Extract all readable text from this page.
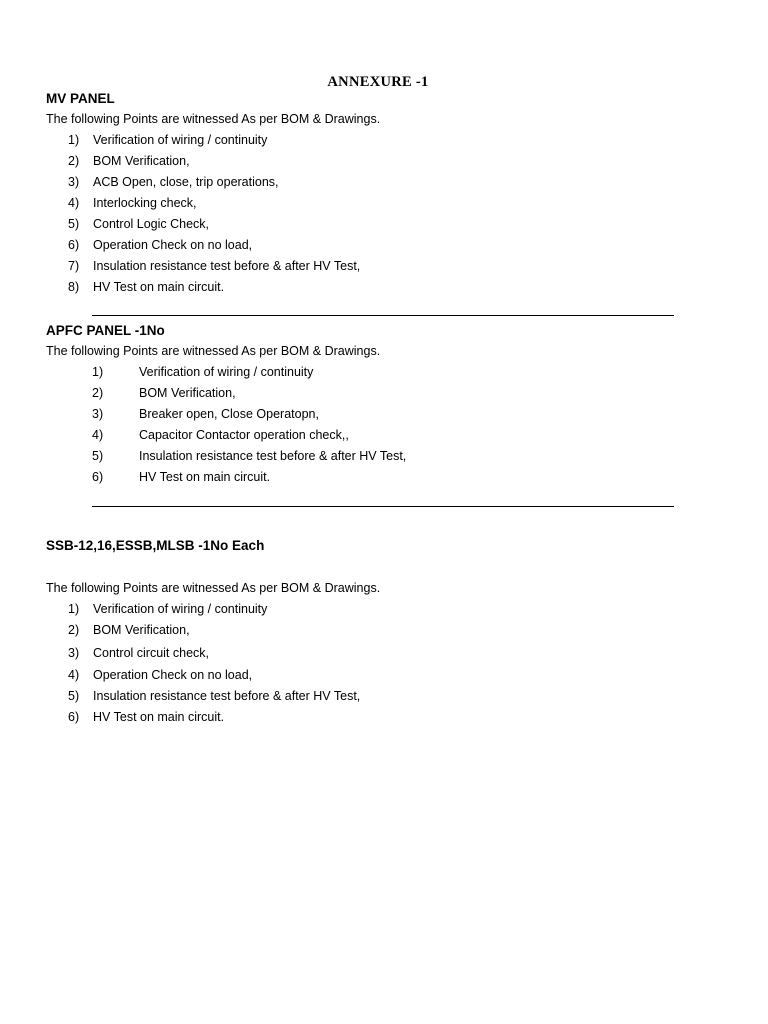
ANNEXURE -1
MV PANEL

The following Points are witnessed As per BOM & Drawings.

1)	Verification of wiring / continuity
2)	BOM Verification,
3)	ACB Open, close, trip operations,
4)	Interlocking check,
5)	Control Logic Check,
6)	Operation Check on no load,
7)	Insulation resistance test before & after HV Test,
8)	HV Test on main circuit.
APFC PANEL -1No

The following Points are witnessed As per BOM & Drawings.

1)	Verification of wiring / continuity
2)	BOM Verification,
3)	Breaker open, Close Operatopn,
4)	Capacitor Contactor operation check,,
5)	Insulation resistance test before & after HV Test,
6)	HV Test on main circuit.
SSB-12,16,ESSB,MLSB -1No Each

The following Points are witnessed As per BOM & Drawings.

1)	Verification of wiring / continuity
2)	BOM Verification,
3)	Control circuit check,
4)	Operation Check on no load,
5)	Insulation resistance test before & after HV Test,
6)	HV Test on main circuit.
